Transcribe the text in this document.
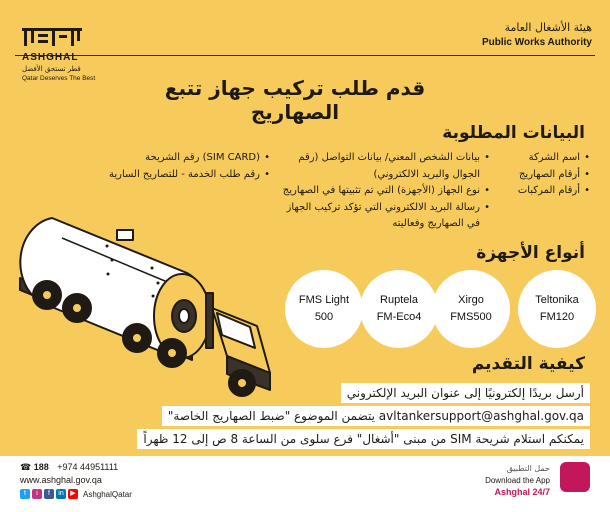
هيئة الأشغال العامة
Public Works Authority
ASHGHAL
قطر تستحق الأفضل
Qatar Deserves The Best	قدم طلب تركيب جهاز تتبع الصهاريج
البيانات المطلوبة
• اسم الشركة
• أرقام الصهاريج
• أرقام المركبات
• بيانات الشخص المعني/ بيانات التواصل (رقم الجوال والبريد الالكتروني)
• نوع الجهاز (الأجهزة) التي تم تثبيتها في الصهاريج
• رسالة البريد الالكتروني التي تؤكد تركيب الجهاز في الصهاريج وفعاليته
• (SIM CARD) رقم الشريحة
• رقم طلب الخدمة - للتصاريح السارية
أنواع الأجهزة
Teltonika
FM120
Xirgo
FMS500
Ruptela
FM-Eco4
FMS Light
500
كيفية التقديم
أرسل بريدًا إلكترونيًا إلى عنوان البريد الإلكتروني
avltankersupport@ashghal.gov.qa يتضمن الموضوع "ضبط الصهاريج الخاصة"
يمكنكم استلام شريحة SIM من مبنى "أشغال" فرع سلوى من الساعة 8 ص إلى 12 ظهراً
☎ 188 +974 44951111
www.ashghal.gov.qa
t	i	f	in ▶ AshghalQatar
حمل التطبيق
Download the App
Ashghal 24/7
